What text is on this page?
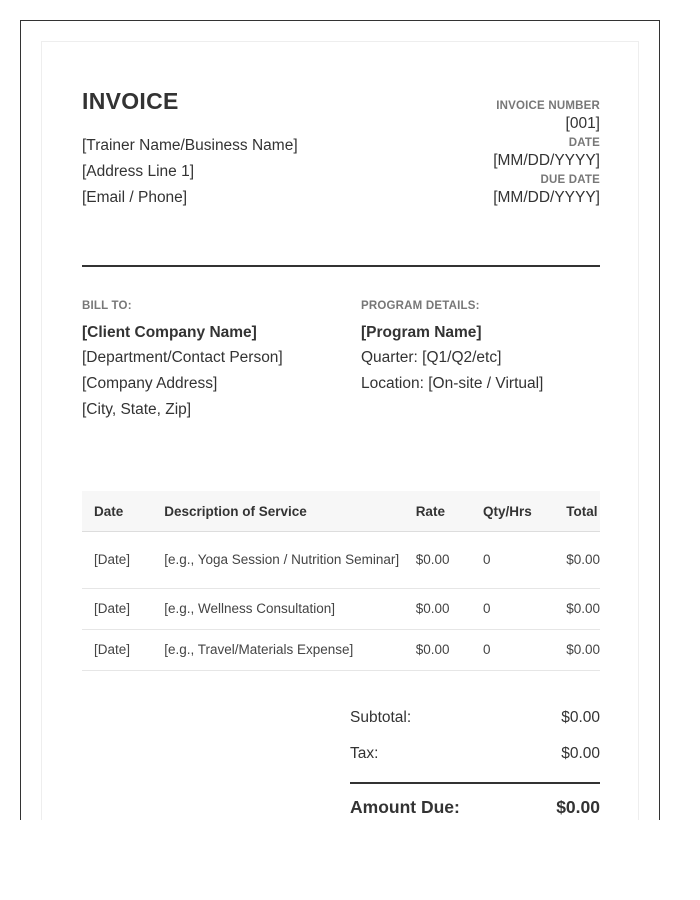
INVOICE
[Trainer Name/Business Name]
[Address Line 1]
[Email / Phone]
INVOICE NUMBER
[001]
DATE
[MM/DD/YYYY]
DUE DATE
[MM/DD/YYYY]
BILL TO:
[Client Company Name]
[Department/Contact Person]
[Company Address]
[City, State, Zip]
PROGRAM DETAILS:
[Program Name]
Quarter: [Q1/Q2/etc]
Location: [On-site / Virtual]
Date	Description of Service	Rate	Qty/Hrs	Total
[Date]	[e.g., Yoga Session / Nutrition Seminar]	$0.00	0	$0.00
[Date]	[e.g., Wellness Consultation]	$0.00	0	$0.00
[Date]	[e.g., Travel/Materials Expense]	$0.00	0	$0.00
Subtotal:	$0.00
Tax:	$0.00
Amount Due:	$0.00
